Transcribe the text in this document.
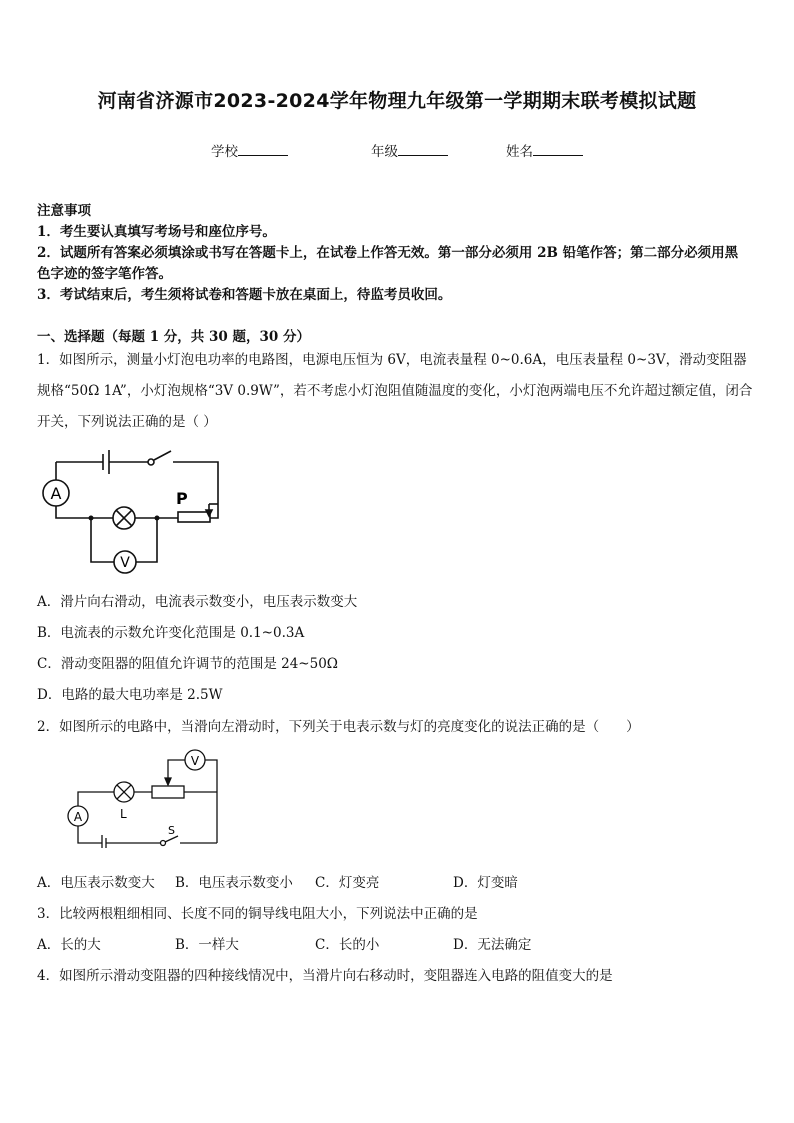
河南省济源市2023-2024学年物理九年级第一学期期末联考模拟试题
学校	年级	姓名
注意事项
1．考生要认真填写考场号和座位序号。
2．试题所有答案必须填涂或书写在答题卡上，在试卷上作答无效。第一部分必须用 2B 铅笔作答；第二部分必须用黑
色字迹的签字笔作答。
3．考试结束后，考生须将试卷和答题卡放在桌面上，待监考员收回。
一、选择题（每题 1 分，共 30 题，30 分）
1．如图所示，测量小灯泡电功率的电路图，电源电压恒为 6V，电流表量程 0~0.6A，电压表量程 0~3V，滑动变阻器规格“50Ω 1A”，小灯泡规格“3V 0.9W”，若不考虑小灯泡阻值随温度的变化，小灯泡两端电压不允许超过额定值，闭合开关，下列说法正确的是（ ）
A
V
P
A．滑片向右滑动，电流表示数变小，电压表示数变大
B．电流表的示数允许变化范围是 0.1~0.3A
C．滑动变阻器的阻值允许调节的范围是 24~50Ω
D．电路的最大电功率是 2.5W
2．如图所示的电路中，当滑向左滑动时，下列关于电表示数与灯的亮度变化的说法正确的是（　　）
V
A	L
S
A．电压表示数变大 B．电压表示数变小 C．灯变亮	D．灯变暗
3．比较两根粗细相同、长度不同的铜导线电阻大小，下列说法中正确的是
A．长的大	B．一样大	C．长的小	D．无法确定
4．如图所示滑动变阻器的四种接线情况中，当滑片向右移动时，变阻器连入电路的阻值变大的是
